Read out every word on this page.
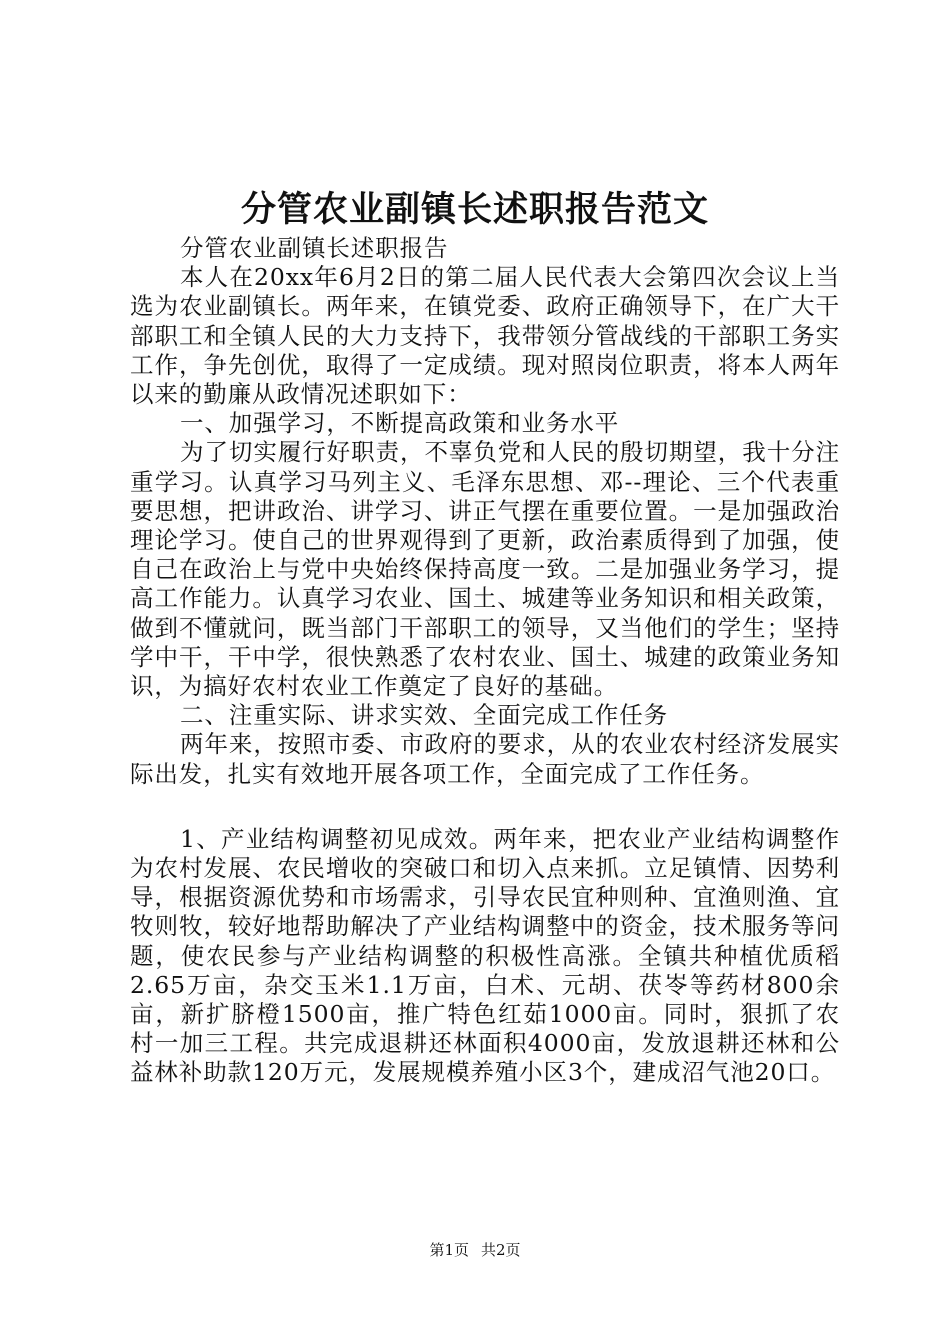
分管农业副镇长述职报告范文

分管农业副镇长述职报告

本人在20xx年6月2日的第二届人民代表大会第四次会议上当选为农业副镇长。两年来，在镇党委、政府正确领导下，在广大干部职工和全镇人民的大力支持下，我带领分管战线的干部职工务实工作，争先创优，取得了一定成绩。现对照岗位职责，将本人两年以来的勤廉从政情况述职如下：

一、加强学习，不断提高政策和业务水平

为了切实履行好职责，不辜负党和人民的殷切期望，我十分注重学习。认真学习马列主义、毛泽东思想、邓--理论、三个代表重要思想，把讲政治、讲学习、讲正气摆在重要位置。一是加强政治理论学习。使自己的世界观得到了更新，政治素质得到了加强，使自己在政治上与党中央始终保持高度一致。二是加强业务学习，提高工作能力。认真学习农业、国土、城建等业务知识和相关政策，做到不懂就问，既当部门干部职工的领导，又当他们的学生；坚持学中干，干中学，很快熟悉了农村农业、国土、城建的政策业务知识，为搞好农村农业工作奠定了良好的基础。

二、注重实际、讲求实效、全面完成工作任务

两年来，按照市委、市政府的要求，从的农业农村经济发展实际出发，扎实有效地开展各项工作，全面完成了工作任务。

1、产业结构调整初见成效。两年来，把农业产业结构调整作为农村发展、农民增收的突破口和切入点来抓。立足镇情、因势利导，根据资源优势和市场需求，引导农民宜种则种、宜渔则渔、宜牧则牧，较好地帮助解决了产业结构调整中的资金，技术服务等问题，使农民参与产业结构调整的积极性高涨。全镇共种植优质稻2.65万亩，杂交玉米1.1万亩，白术、元胡、茯岺等药材800余亩，新扩脐橙1500亩，推广特色红茹1000亩。同时，狠抓了农村一加三工程。共完成退耕还林面积4000亩，发放退耕还林和公益林补助款120万元，发展规模养殖小区3个，建成沼气池20口。

第1页 共2页
